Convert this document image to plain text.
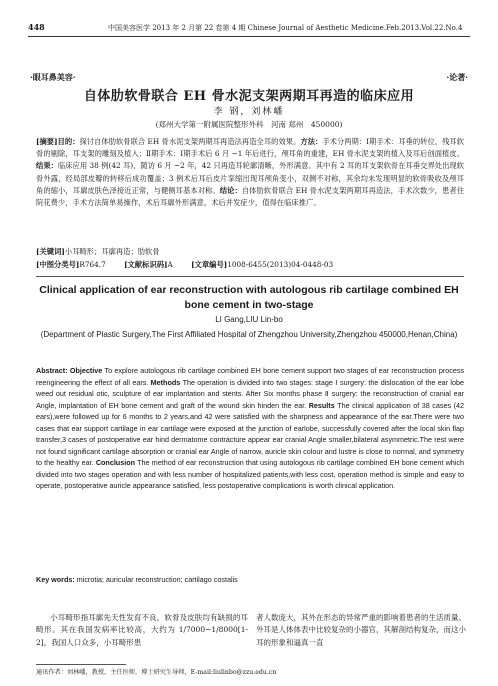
448	中国美容医学 2013 年 2 月第 22 卷第 4 期 Chinese Journal of Aesthetic Medicine.Feb.2013.Vol.22.No.4
·眼耳鼻美容·	·论著·
自体肋软骨联合 EH 骨水泥支架两期耳再造的临床应用
李 钢，刘林嶓
(郑州大学第一附属医院整形外科　河南 郑州　450000)
[摘要]目的：探讨自体肋软骨联合 EH 骨水泥支架两期耳再造法再造全耳的效果。方法：手术分两期：Ⅰ期手术：耳垂的转位，残耳软骨的剔除，耳支架的雕刻及植入；Ⅱ期手术：Ⅰ期手术后 6 月 ~1 年后进行，颅耳角的重建，EH 骨水泥支架的植入及耳后创面植皮。结果：临床应用 38 例(42 耳)，随访 6 月 ~2 年，42 只再造耳轮廓清晰，外形满意。其中有 2 耳的耳支架软骨在耳垂交界处出现软骨外露，经局部皮瓣的转移后成功覆盖；3 例术后耳后皮片挛缩出现耳颅角变小，双侧不对称，其余均未发现明显的软骨吸收及颅耳角的缩小，耳廓皮肤色泽接近正常，与健侧耳基本对称。结论：自体肋软骨联合 EH 骨水泥支架两期耳再造法，手术次数少，患者住院花费少，手术方法简单易操作，术后耳廓外形满意，术后并发症少，值得在临床推广。
[关键词]小耳畸形；耳廓再造；肋软骨
[中图分类号]R764.7	[文献标识码]A	[文章编号]1008-6455(2013)04-0448-03
Clinical application of ear reconstruction with autologous rib cartilage combined EH bone cement in two-stage
LI Gang,LIU Lin-bo
(Department of Plastic Surgery,The First Affiliated Hospital of Zhengzhou University,Zhengzhou 450000,Henan,China)
Abstract: Objective To explore autologous rib cartilage combined EH bone cement support two stages of ear reconstruction process reengineering the effect of all ears. Methods The operation is divided into two stages: stage Ⅰ surgery: the dislocation of the ear lobe weed out residual otic, sculpture of ear implantation and stents. After Six months phase Ⅱ surgery: the reconstruction of cranial ear Angle, implantation of EH bone cement and graft of the wound skin hinden the ear. Results The clinical application of 38 cases (42 ears),were followed up for 6 months to 2 years,and 42 were satisfied with the sharpness and appearance of the ear.There were two cases that ear support cartilage in ear cartilage were exposed at the junction of earlobe, successfully covered after the local skin flap transfer,3 cases of postoperative ear hind dermatome contracture appear ear cranial Angle smaller,bilateral asymmetric.The rest were not found significant cartilage absorption or cranial ear Angle of narrow, auricle skin colour and lustre is close to normal, and symmetry to the healthy ear. Conclusion The method of ear reconstruction that using autologous rib cartilage combined EH bone cement which divided into two stages operation and with less number of hospitalized patients,with less cost, operation method is simple and easy to operate, postoperative auricle appearance satisfied, less postoperative complications is worth clinical application.
Key words: microtia; auricular reconstruction; cartilago costalis
小耳畸形指耳廓先天性发育不良，软骨及皮肤均有缺损的耳畸形。其在我国发病率比较高，大约为 1/7000~1/8000[1-2]，我国人口众多，小耳畸形患
者人数庞大，其外在形态的异常严重的影响着患者的生活质量。外耳是人体体表中比较复杂的小器官，其解剖结构复杂，而这小耳的形象和逼真一直
通讯作者：刘林嶓，教授，主任医师，博士研究生导师，E-mail:liulinbo@zzu.edu.cn
